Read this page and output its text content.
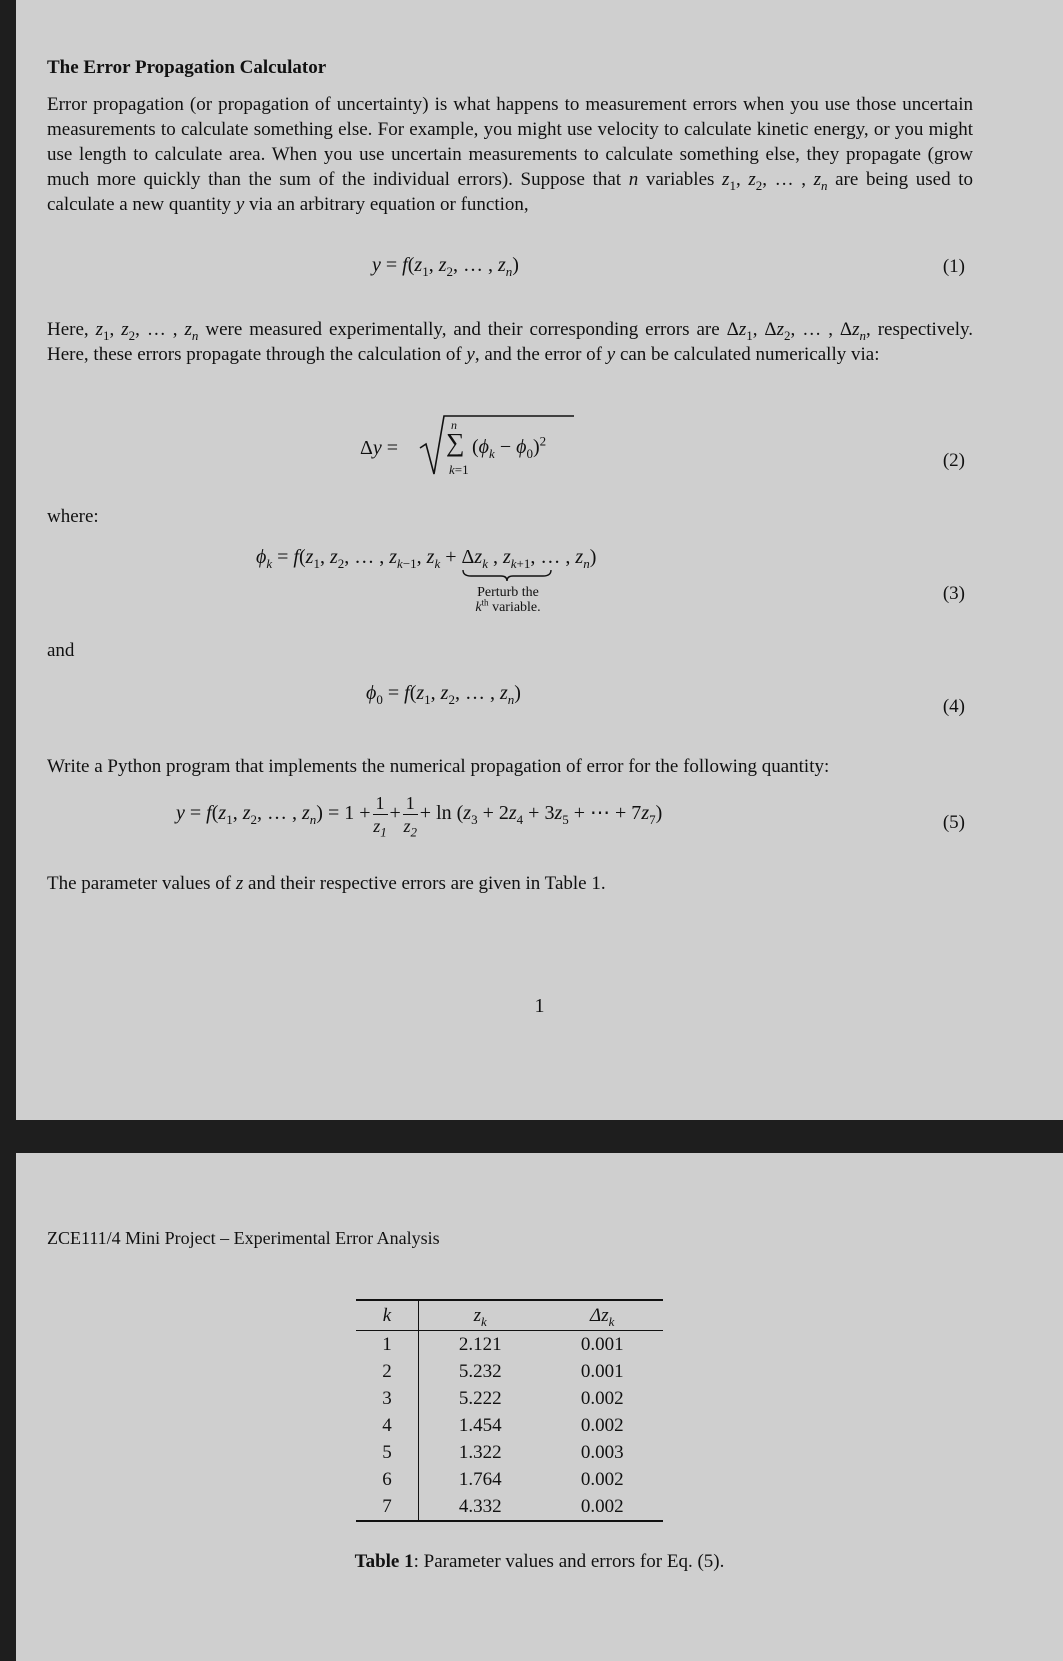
The Error Propagation Calculator
Error propagation (or propagation of uncertainty) is what happens to measurement errors when you use those uncertain measurements to calculate something else. For example, you might use velocity to calculate kinetic energy, or you might use length to calculate area. When you use uncertain measurements to calculate something else, they propagate (grow much more quickly than the sum of the individual errors). Suppose that n variables $z_1$, $z_2$, … , $z_n$ are being used to calculate a new quantity y via an arbitrary equation or function,
$y = f(z_1$, $z_2$, … , $z_n$)	(1)
Here, $z_1$, $z_2$, … , $z_n$ were measured experimentally, and their corresponding errors are $\Delta z_1$, $\Delta z_2$, … , $\Delta z_n$, respectively. Here, these errors propagate through the calculation of y, and the error of y can be calculated numerically via:
Δy =
n
∑ $(\phi_k - \phi_0)^2$
k=1	(2)
where:
$\phi_k = f(z_1$, $z_2$, … , $z_{k-1}$, $z_k + \Delta z_k$ , $z_{k+1}$, … , $z_n$)
Perturb the
$k^{th}$ variable.
(3)
and
$\phi_0 = f(z_1$, $z_2$, … , $z_n$)
(4)
Write a Python program that implements the numerical propagation of error for the following quantity:
$y = f(z_1$, $z_2$, … , $z_n) = 1 + \frac{1}{z_1} + \frac{1}{z_2} + \ln (z_3 + 2z_4 + 3z_5$ + ⋯ + $7z_7$)	(5)
The parameter values of z and their respective errors are given in Table 1.
1
ZCE111/4 Mini Project – Experimental Error Analysis
k	$z_k$	$\Delta z_k$
1	2.121	0.001
2	5.232	0.001
3	5.222	0.002
4	1.454	0.002
5	1.322	0.003
6	1.764	0.002
7	4.332	0.002
Table 1: Parameter values and errors for Eq. (5).
